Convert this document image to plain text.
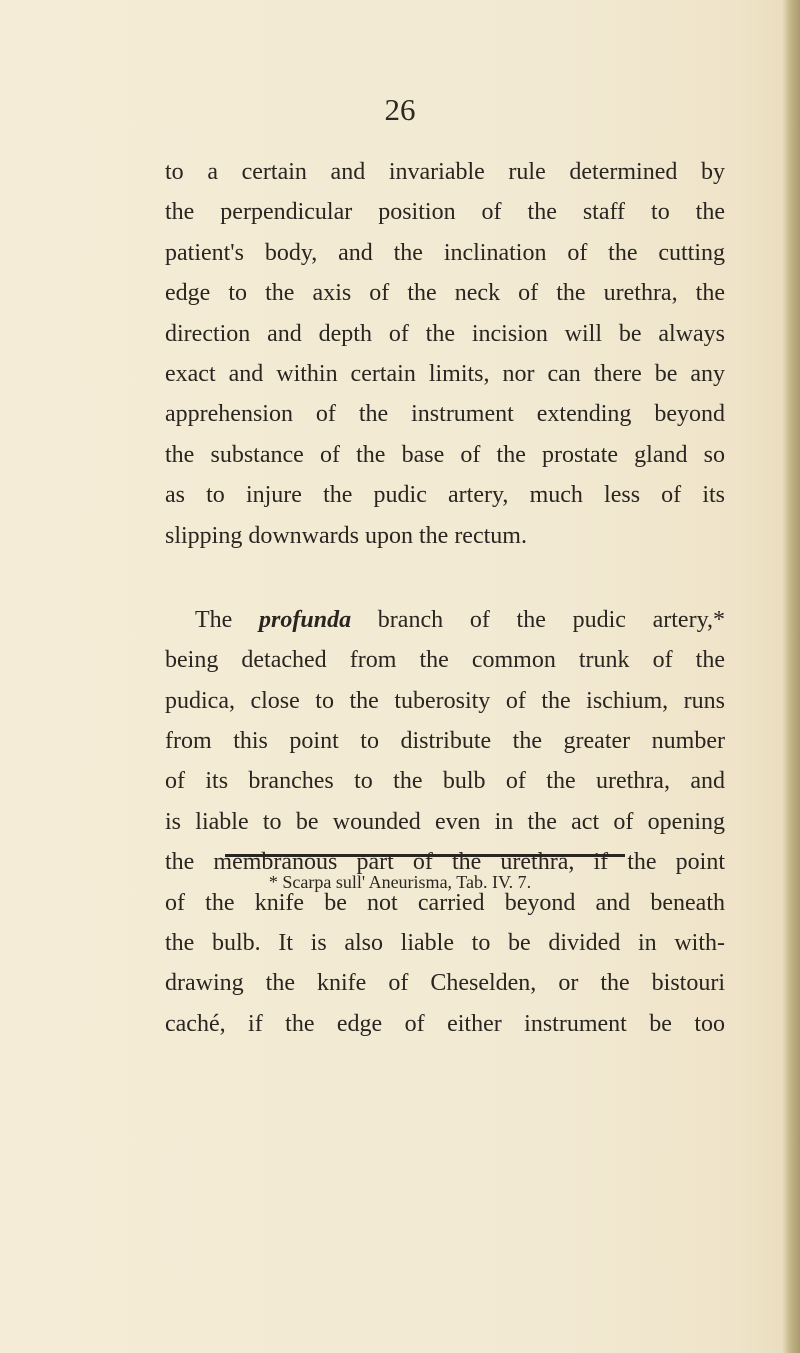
26
to a certain and invariable rule determined by
the perpendicular position of the staff to the
patient's body, and the inclination of the cutting
edge to the axis of the neck of the urethra, the
direction and depth of the incision will be always
exact and within certain limits, nor can there be any
apprehension of the instrument extending beyond
the substance of the base of the prostate gland so
as to injure the pudic artery, much less of its
slipping downwards upon the rectum.
The profunda branch of the pudic artery,*
being detached from the common trunk of the
pudica, close to the tuberosity of the ischium, runs
from this point to distribute the greater number
of its branches to the bulb of the urethra, and
is liable to be wounded even in the act of opening
the membranous part of the urethra, if the point
of the knife be not carried beyond and beneath
the bulb. It is also liable to be divided in with-
drawing the knife of Cheselden, or the bistouri
caché, if the edge of either instrument be too
* Scarpa sull' Aneurisma, Tab. IV. 7.
